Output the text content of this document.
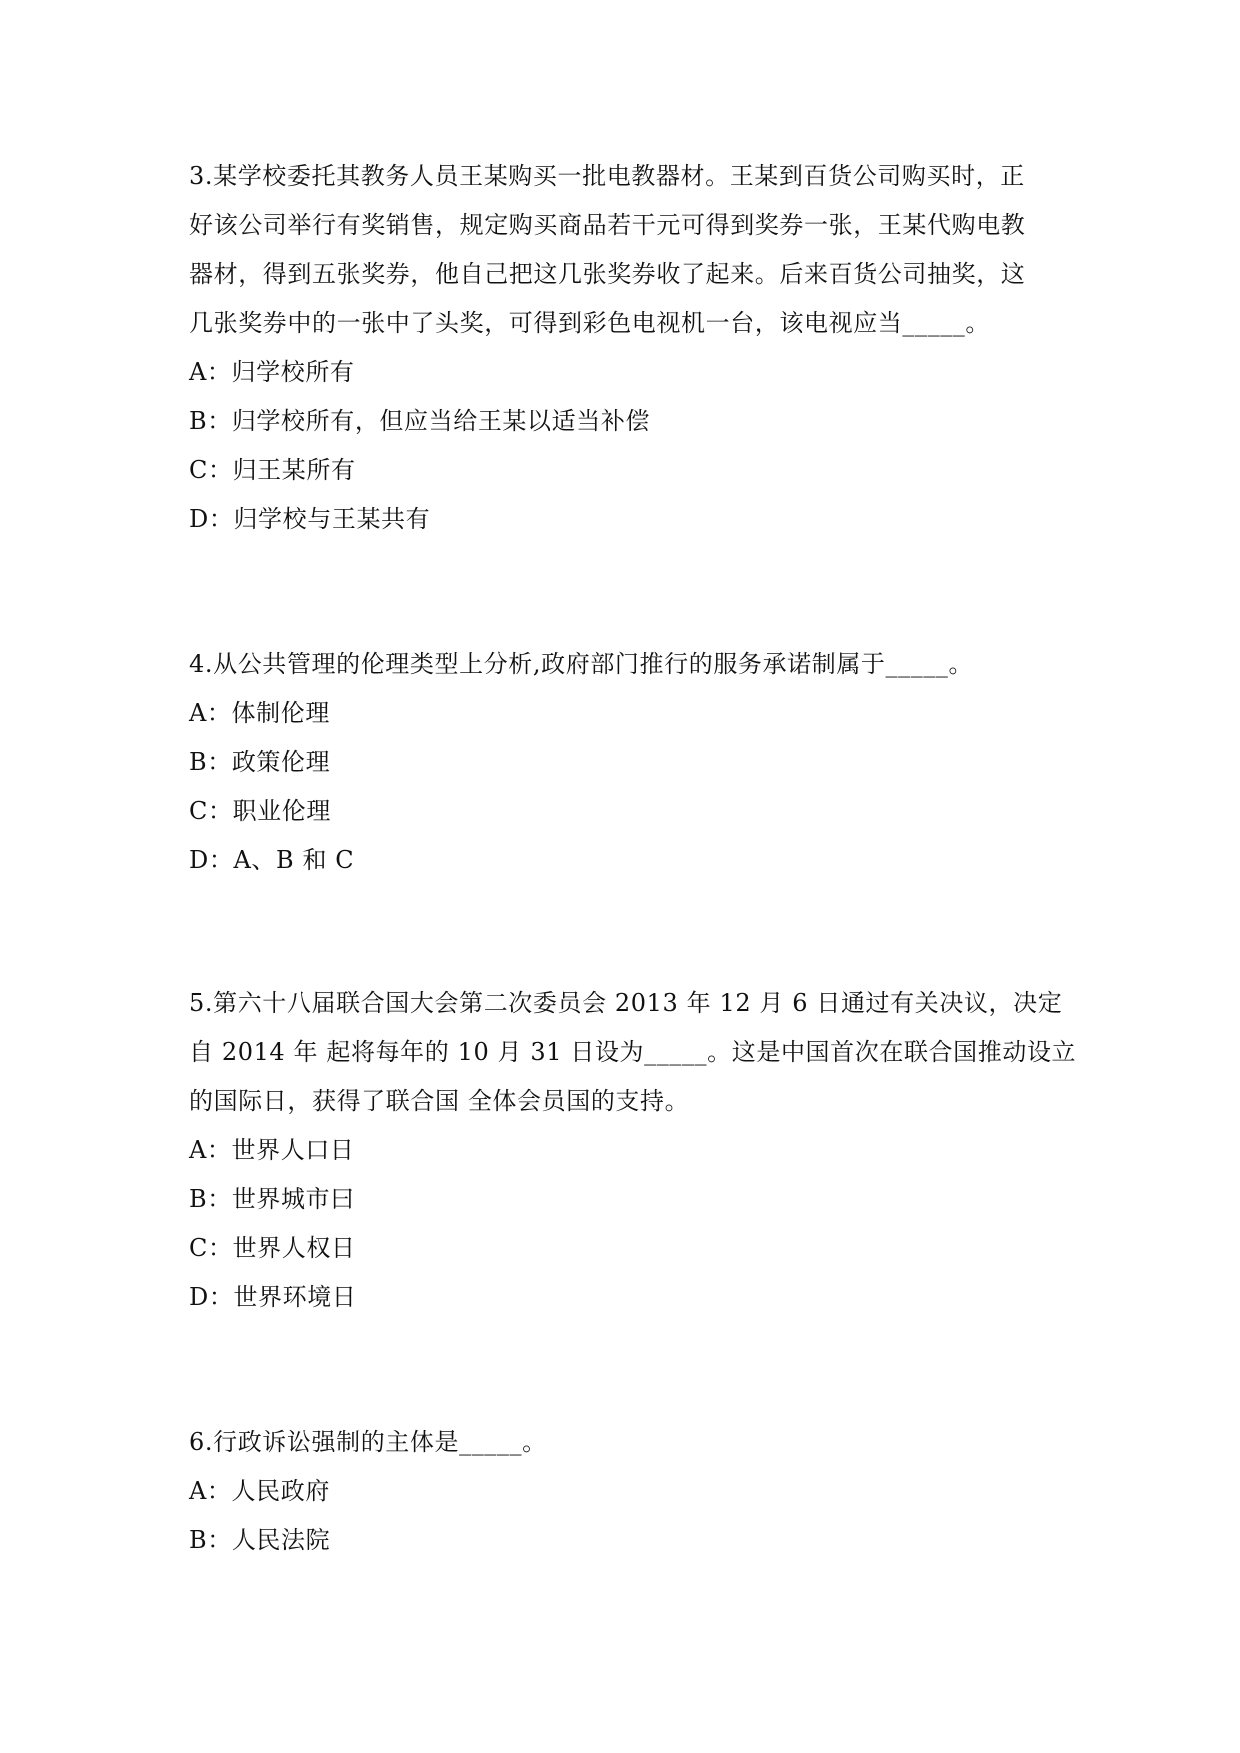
3.某学校委托其教务人员王某购买一批电教器材。王某到百货公司购买时，正
好该公司举行有奖销售，规定购买商品若干元可得到奖券一张，王某代购电教
器材，得到五张奖券，他自己把这几张奖券收了起来。后来百货公司抽奖，这
几张奖券中的一张中了头奖，可得到彩色电视机一台，该电视应当_____。

A：归学校所有

B：归学校所有，但应当给王某以适当补偿

C：归王某所有

D：归学校与王某共有

4.从公共管理的伦理类型上分析,政府部门推行的服务承诺制属于_____。

A：体制伦理

B：政策伦理

C：职业伦理

D：A、B 和 C

5.第六十八届联合国大会第二次委员会 2013 年 12 月 6 日通过有关决议，决定
自 2014 年 起将每年的 10 月 31 日设为_____。这是中国首次在联合国推动设立
的国际日，获得了联合国 全体会员国的支持。

A：世界人口日

B：世界城市曰

C：世界人权日

D：世界环境日

6.行政诉讼强制的主体是_____。

A：人民政府

B：人民法院
